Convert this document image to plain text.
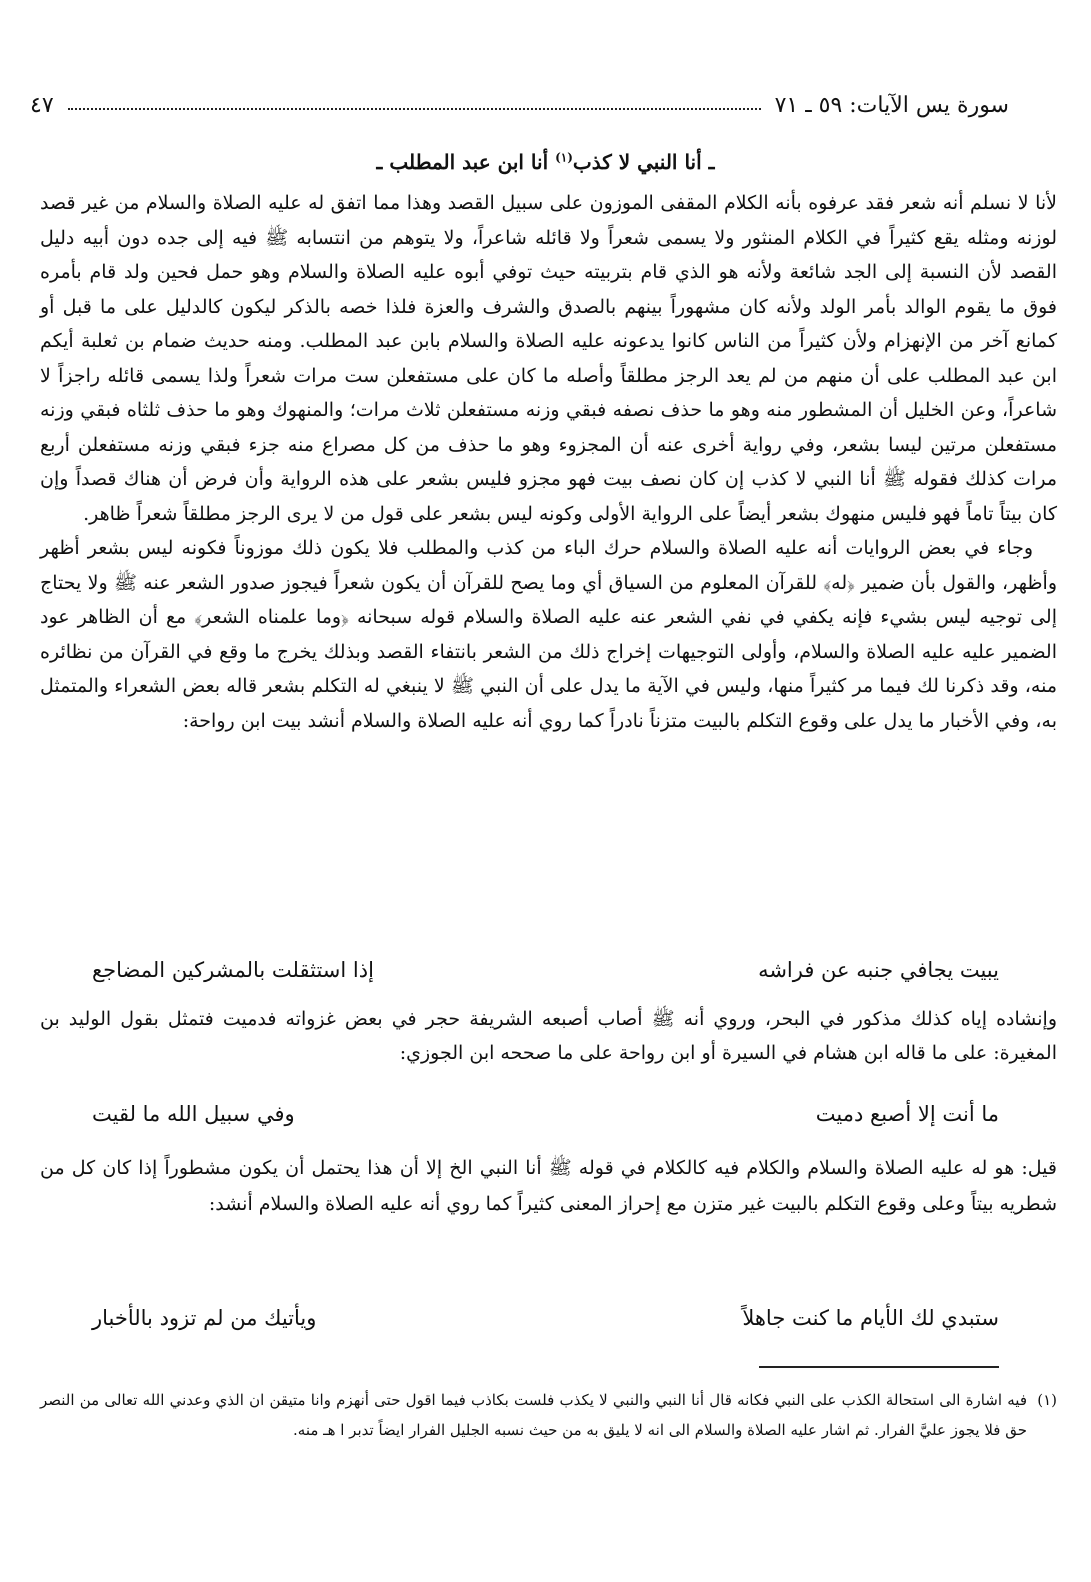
سورة يس الآيات: ٥٩ ـ ٧١
٤٧
ـ أنا النبي لا كذب$^{(١)}$ أنا ابن عبد المطلب ـ

لأنا لا نسلم أنه شعر فقد عرفوه بأنه الكلام المقفى الموزون على سبيل القصد وهذا مما اتفق له عليه الصلاة والسلام من غير قصد لوزنه ومثله يقع كثيراً في الكلام المنثور ولا يسمى شعراً ولا قائله شاعراً، ولا يتوهم من انتسابه ﷺ فيه إلى جده دون أبيه دليل القصد لأن النسبة إلى الجد شائعة ولأنه هو الذي قام بتربيته حيث توفي أبوه عليه الصلاة والسلام وهو حمل فحين ولد قام بأمره فوق ما يقوم الوالد بأمر الولد ولأنه كان مشهوراً بينهم بالصدق والشرف والعزة فلذا خصه بالذكر ليكون كالدليل على ما قبل أو كمانع آخر من الإنهزام ولأن كثيراً من الناس كانوا يدعونه عليه الصلاة والسلام بابن عبد المطلب. ومنه حديث ضمام بن ثعلبة أيكم ابن عبد المطلب على أن منهم من لم يعد الرجز مطلقاً وأصله ما كان على مستفعلن ست مرات شعراً ولذا يسمى قائله راجزاً لا شاعراً، وعن الخليل أن المشطور منه وهو ما حذف نصفه فبقي وزنه مستفعلن ثلاث مرات؛ والمنهوك وهو ما حذف ثلثاه فبقي وزنه مستفعلن مرتين ليسا بشعر، وفي رواية أخرى عنه أن المجزوء وهو ما حذف من كل مصراع منه جزء فبقي وزنه مستفعلن أربع مرات كذلك فقوله ﷺ أنا النبي لا كذب إن كان نصف بيت فهو مجزو فليس بشعر على هذه الرواية وأن فرض أن هناك قصداً وإن كان بيتاً تاماً فهو فليس منهوك بشعر أيضاً على الرواية الأولى وكونه ليس بشعر على قول من لا يرى الرجز مطلقاً شعراً ظاهر.

وجاء في بعض الروايات أنه عليه الصلاة والسلام حرك الباء من كذب والمطلب فلا يكون ذلك موزوناً فكونه ليس بشعر أظهر وأظهر، والقول بأن ضمير ﴿له﴾ للقرآن المعلوم من السياق أي وما يصح للقرآن أن يكون شعراً فيجوز صدور الشعر عنه ﷺ ولا يحتاج إلى توجيه ليس بشيء فإنه يكفي في نفي الشعر عنه عليه الصلاة والسلام قوله سبحانه ﴿وما علمناه الشعر﴾ مع أن الظاهر عود الضمير عليه عليه الصلاة والسلام، وأولى التوجيهات إخراج ذلك من الشعر بانتفاء القصد وبذلك يخرج ما وقع في القرآن من نظائره منه، وقد ذكرنا لك فيما مر كثيراً منها، وليس في الآية ما يدل على أن النبي ﷺ لا ينبغي له التكلم بشعر قاله بعض الشعراء والمتمثل به، وفي الأخبار ما يدل على وقوع التكلم بالبيت متزناً نادراً كما روي أنه عليه الصلاة والسلام أنشد بيت ابن رواحة:

يبيت يجافي جنبه عن فراشه
إذا استثقلت بالمشركين المضاجع
وإنشاده إياه كذلك مذكور في البحر، وروي أنه ﷺ أصاب أصبعه الشريفة حجر في بعض غزواته فدميت فتمثل بقول الوليد بن المغيرة: على ما قاله ابن هشام في السيرة أو ابن رواحة على ما صححه ابن الجوزي:
ما أنت إلا أصبع دميت
وفي سبيل الله ما لقيت
قيل: هو له عليه الصلاة والسلام والكلام فيه كالكلام في قوله ﷺ أنا النبي الخ إلا أن هذا يحتمل أن يكون مشطوراً إذا كان كل من شطريه بيتاً وعلى وقوع التكلم بالبيت غير متزن مع إحراز المعنى كثيراً كما روي أنه عليه الصلاة والسلام أنشد:
ستبدي لك الأيام ما كنت جاهلاً
ويأتيك من لم تزود بالأخبار
(١)
فيه اشارة الى استحالة الكذب على النبي فكانه قال أنا النبي والنبي لا يكذب فلست بكاذب فيما اقول حتى أنهزم وانا متيقن ان الذي وعدني الله تعالى من النصر حق فلا يجوز عليَّ الفرار. ثم اشار عليه الصلاة والسلام الى انه لا يليق به من حيث نسبه الجليل الفرار ايضاً تدبر ا هـ منه.
